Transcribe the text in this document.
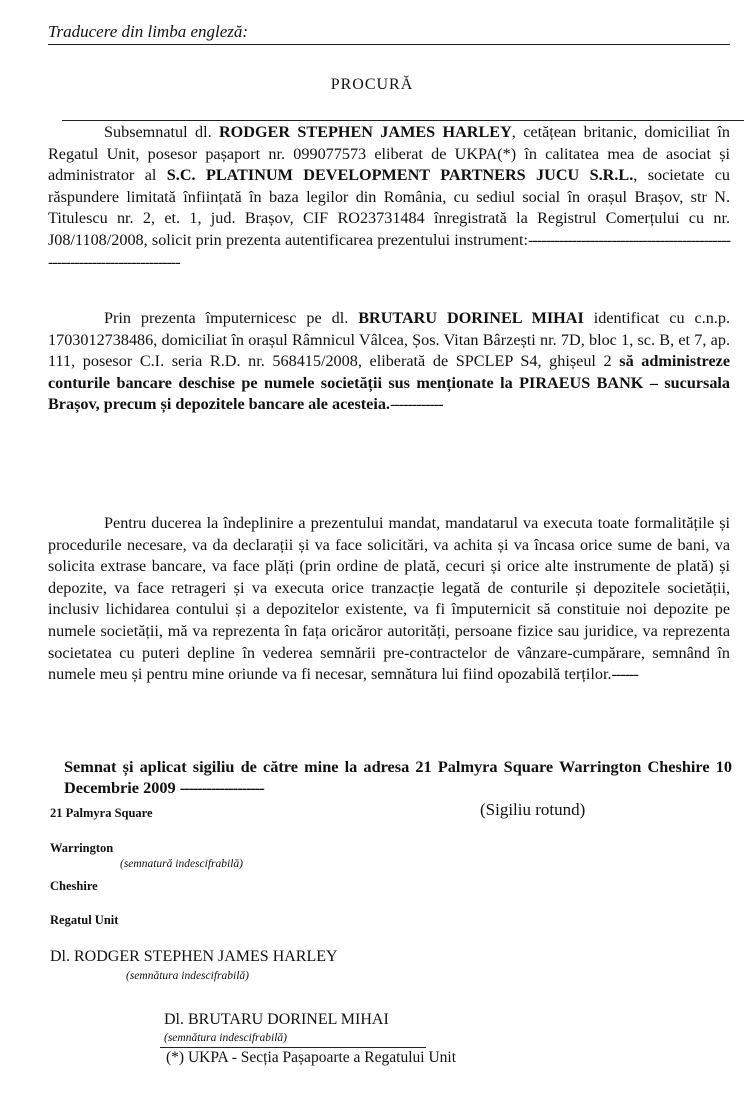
Traducere din limba engleză:
PROCURĂ
Subsemnatul dl. RODGER STEPHEN JAMES HARLEY, cetățean britanic, domiciliat în Regatul Unit, posesor pașaport nr. 099077573 eliberat de UKPA(*) în calitatea mea de asociat și administrator al S.C. PLATINUM DEVELOPMENT PARTNERS JUCU S.R.L., societate cu răspundere limitată înființată în baza legilor din România, cu sediul social în orașul Brașov, str N. Titulescu nr. 2, et. 1, jud. Brașov, CIF RO23731484 înregistrată la Registrul Comerțului cu nr. J08/1108/2008, solicit prin prezenta autentificarea prezentului instrument:----------------------------------------------------------------------------
Prin prezenta împuternicesc pe dl. BRUTARU DORINEL MIHAI identificat cu c.n.p. 1703012738486, domiciliat în orașul Râmnicul Vâlcea, Șos. Vitan Bârzești nr. 7D, bloc 1, sc. B, et 7, ap. 111, posesor C.I. seria R.D. nr. 568415/2008, eliberată de SPCLEP S4, ghișeul 2 să administreze conturile bancare deschise pe numele societății sus menționate la PIRAEUS BANK – sucursala Brașov, precum și depozitele bancare ale acesteia.------------
Pentru ducerea la îndeplinire a prezentului mandat, mandatarul va executa toate formalitățile și procedurile necesare, va da declarații și va face solicitări, va achita și va încasa orice sume de bani, va solicita extrase bancare, va face plăți (prin ordine de plată, cecuri și orice alte instrumente de plată) și depozite, va face retrageri și va executa orice tranzacție legată de conturile și depozitele societății, inclusiv lichidarea contului și a depozitelor existente, va fi împuternicit să constituie noi depozite pe numele societății, mă va reprezenta în fața oricăror autorități, persoane fizice sau juridice, va reprezenta societatea cu puteri depline în vederea semnării pre-contractelor de vânzare-cumpărare, semnând în numele meu și pentru mine oriunde va fi necesar, semnătura lui fiind opozabilă terților.------
Semnat și aplicat sigiliu de către mine la adresa 21 Palmyra Square Warrington Cheshire 10 Decembrie 2009 -------------------
(Sigiliu rotund)
21 Palmyra Square
Warrington
(semnatură indescifrabilă)
Cheshire
Regatul Unit
Dl. RODGER STEPHEN JAMES HARLEY
(semnătura indescifrabilă)
Dl. BRUTARU DORINEL MIHAI
(semnătura indescifrabilă)
(*) UKPA - Secția Pașapoarte a Regatului Unit
